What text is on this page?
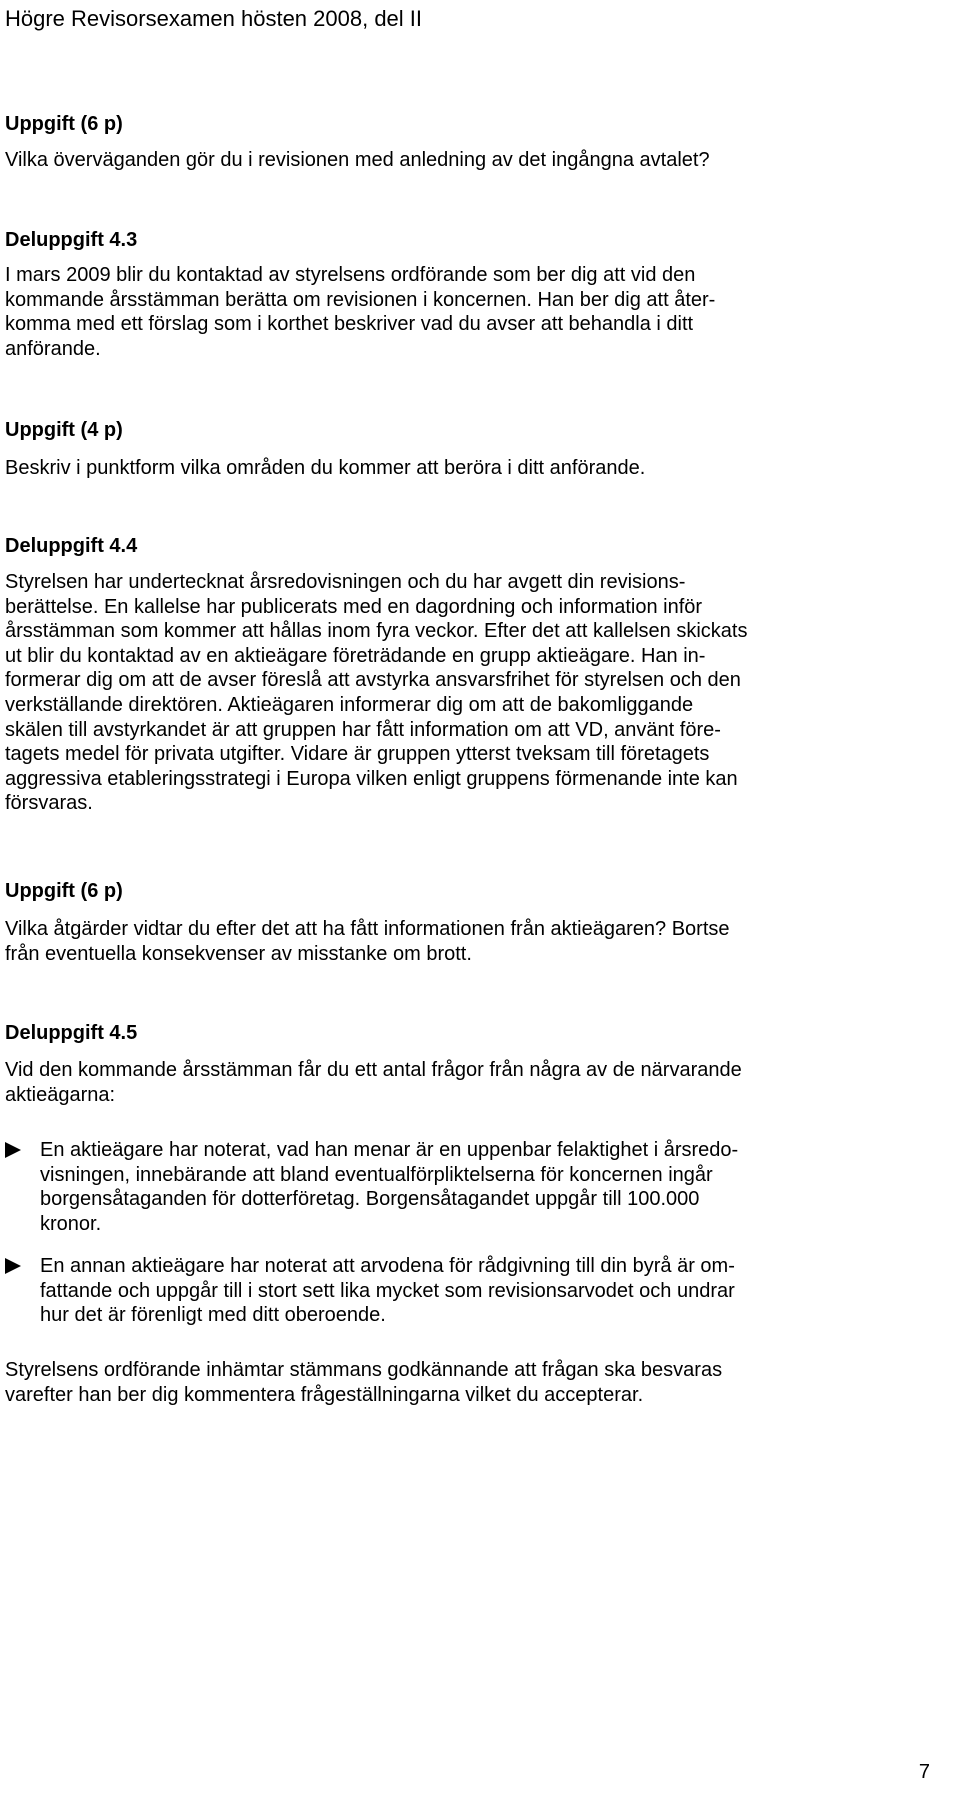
Högre Revisorsexamen hösten 2008, del II
Uppgift (6 p)
Vilka överväganden gör du i revisionen med anledning av det ingångna avtalet?
Deluppgift 4.3
I mars 2009 blir du kontaktad av styrelsens ordförande som ber dig att vid den
kommande årsstämman berätta om revisionen i koncernen. Han ber dig att åter-
komma med ett förslag som i korthet beskriver vad du avser att behandla i ditt
anförande.
Uppgift (4 p)
Beskriv i punktform vilka områden du kommer att beröra i ditt anförande.
Deluppgift 4.4
Styrelsen har undertecknat årsredovisningen och du har avgett din revisions-
berättelse. En kallelse har publicerats med en dagordning och information inför
årsstämman som kommer att hållas inom fyra veckor. Efter det att kallelsen skickats
ut blir du kontaktad av en aktieägare företrädande en grupp aktieägare. Han in-
formerar dig om att de avser föreslå att avstyrka ansvarsfrihet för styrelsen och den
verkställande direktören. Aktieägaren informerar dig om att de bakomliggande
skälen till avstyrkandet är att gruppen har fått information om att VD, använt före-
tagets medel för privata utgifter. Vidare är gruppen ytterst tveksam till företagets
aggressiva etableringsstrategi i Europa vilken enligt gruppens förmenande inte kan
försvaras.
Uppgift (6 p)
Vilka åtgärder vidtar du efter det att ha fått informationen från aktieägaren? Bortse
från eventuella konsekvenser av misstanke om brott.
Deluppgift 4.5
Vid den kommande årsstämman får du ett antal frågor från några av de närvarande
aktieägarna:
En aktieägare har noterat, vad han menar är en uppenbar felaktighet i årsredo-
visningen, innebärande att bland eventualförpliktelserna för koncernen ingår
borgensåtaganden för dotterföretag. Borgensåtagandet uppgår till 100.000
kronor.
En annan aktieägare har noterat att arvodena för rådgivning till din byrå är om-
fattande och uppgår till i stort sett lika mycket som revisionsarvodet och undrar
hur det är förenligt med ditt oberoende.
Styrelsens ordförande inhämtar stämmans godkännande att frågan ska besvaras
varefter han ber dig kommentera frågeställningarna vilket du accepterar.
7
